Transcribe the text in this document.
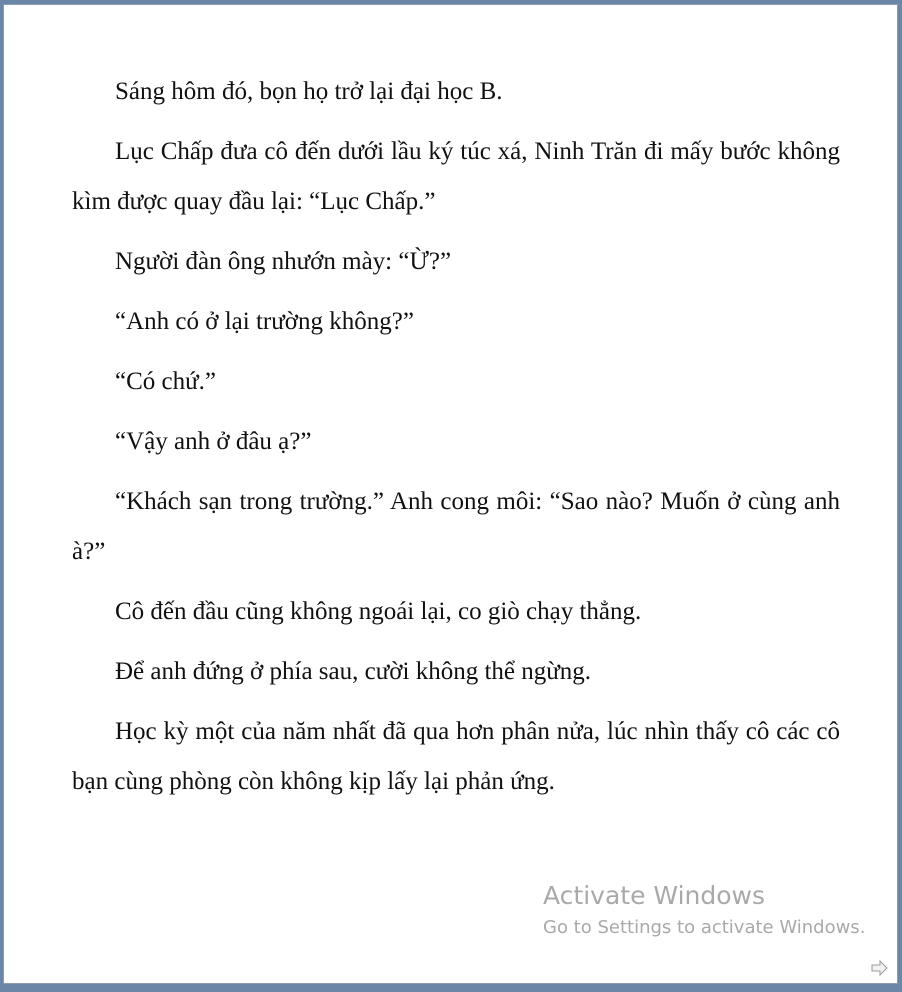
Sáng hôm đó, bọn họ trở lại đại học B.

Lục Chấp đưa cô đến dưới lầu ký túc xá, Ninh Trăn đi mấy bước không kìm được quay đầu lại: “Lục Chấp.”

Người đàn ông nhướn mày: “Ừ?”

“Anh có ở lại trường không?”

“Có chứ.”

“Vậy anh ở đâu ạ?”

“Khách sạn trong trường.” Anh cong môi: “Sao nào? Muốn ở cùng anh à?”

Cô đến đầu cũng không ngoái lại, co giò chạy thẳng.

Để anh đứng ở phía sau, cười không thể ngừng.

Học kỳ một của năm nhất đã qua hơn phân nửa, lúc nhìn thấy cô các cô bạn cùng phòng còn không kịp lấy lại phản ứng.

Activate Windows
Go to Settings to activate Windows.
